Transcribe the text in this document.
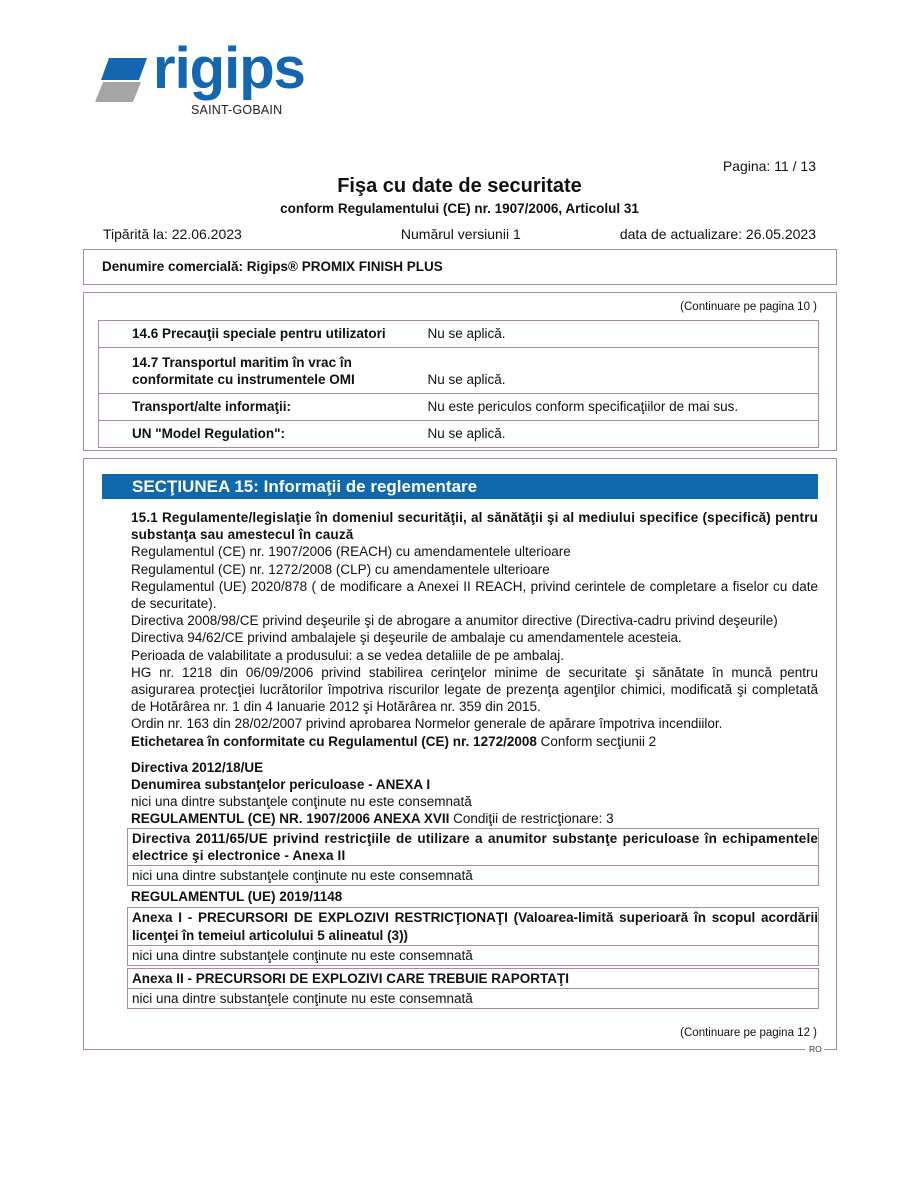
rigips
SAINT-GOBAIN
Pagina: 11 / 13
Fişa cu date de securitate
conform Regulamentului (CE) nr. 1907/2006, Articolul 31
Tipărită la: 22.06.2023	Numărul versiunii 1	data de actualizare: 26.05.2023
Denumire comercială: Rigips® PROMIX FINISH PLUS
(Continuare pe pagina 10 )
14.6 Precauţii speciale pentru utilizatori	Nu se aplică.

14.7 Transportul maritim în vrac în
conformitate cu instrumentele OMI	Nu se aplică.
Transport/alte informaţii:	Nu este periculos conform specificaţiilor de mai sus.
UN "Model Regulation":	Nu se aplică.
SECŢIUNEA 15: Informaţii de reglementare
15.1 Regulamente/legislaţie în domeniul securităţii, al sănătăţii şi al mediului specifice (specifică) pentru substanţa sau amestecul în cauză
Regulamentul (CE) nr. 1907/2006 (REACH) cu amendamentele ulterioare
Regulamentul (CE) nr. 1272/2008 (CLP) cu amendamentele ulterioare
Regulamentul (UE) 2020/878 ( de modificare a Anexei II REACH, privind cerintele de completare a fiselor cu date de securitate).
Directiva 2008/98/CE privind deşeurile şi de abrogare a anumitor directive (Directiva-cadru privind deşeurile)
Directiva 94/62/CE privind ambalajele şi deşeurile de ambalaje cu amendamentele acesteia.
Perioada de valabilitate a produsului: a se vedea detaliile de pe ambalaj.
HG nr. 1218 din 06/09/2006 privind stabilirea cerinţelor minime de securitate şi sănătate în muncă pentru asigurarea protecţiei lucrătorilor împotriva riscurilor legate de prezenţa agenţilor chimici, modificată şi completată de Hotărârea nr. 1 din 4 Ianuarie 2012 şi Hotărârea nr. 359 din 2015.
Ordin nr. 163 din 28/02/2007 privind aprobarea Normelor generale de apărare împotriva incendiilor.
Etichetarea în conformitate cu Regulamentul (CE) nr. 1272/2008 Conform secţiunii 2
Directiva 2012/18/UE
Denumirea substanţelor periculoase - ANEXA I
nici una dintre substanţele conţinute nu este consemnată
REGULAMENTUL (CE) NR. 1907/2006 ANEXA XVII Condiţii de restricţionare: 3
Directiva 2011/65/UE privind restricţiile de utilizare a anumitor substanţe periculoase în echipamentele electrice şi electronice - Anexa II
nici una dintre substanţele conţinute nu este consemnată
REGULAMENTUL (UE) 2019/1148
Anexa I - PRECURSORI DE EXPLOZIVI RESTRICŢIONAŢI (Valoarea-limită superioară în scopul acordării licenţei în temeiul articolului 5 alineatul (3))
nici una dintre substanţele conţinute nu este consemnată
Anexa II - PRECURSORI DE EXPLOZIVI CARE TREBUIE RAPORTAŢI
nici una dintre substanţele conţinute nu este consemnată
(Continuare pe pagina 12 )
RO
